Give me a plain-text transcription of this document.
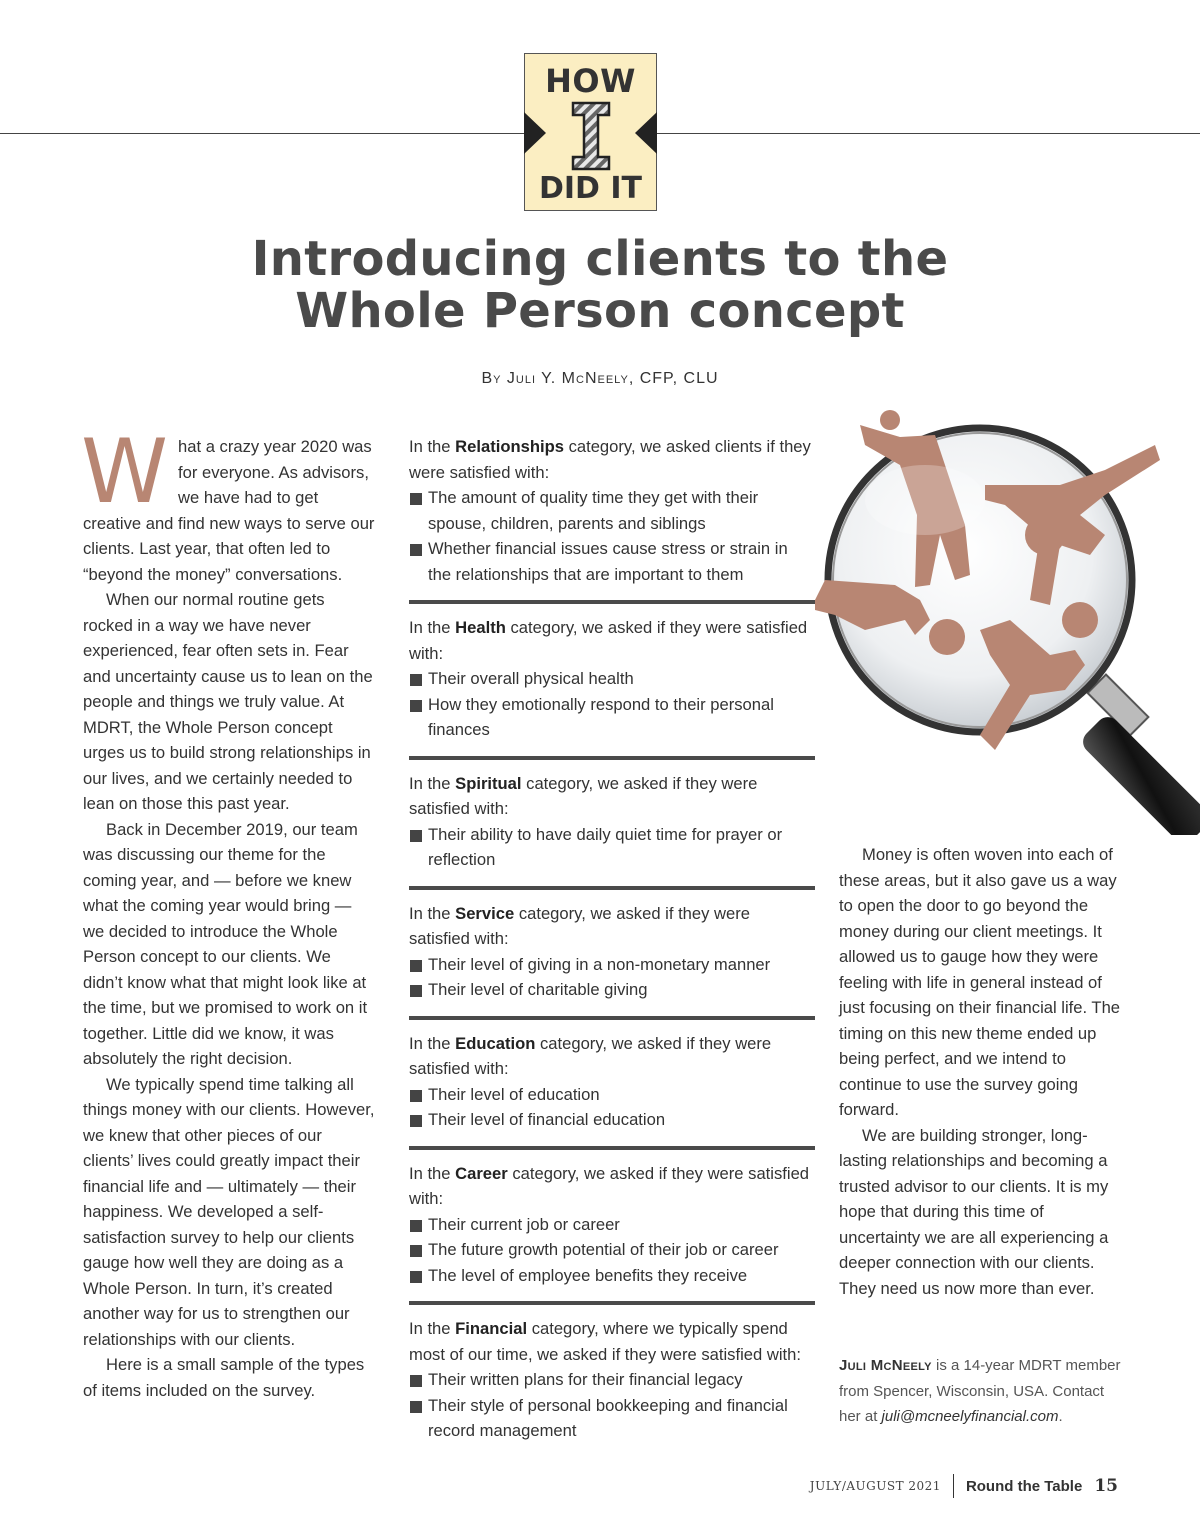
HOW
DID IT
Introducing clients to the
Whole Person concept
By Juli Y. McNeely, CFP, CLU

What a crazy year 2020 was for everyone. As advisors, we have had to get creative and find new ways to serve our clients. Last year, that often led to “beyond the money” conversations.

When our normal routine gets rocked in a way we have never experienced, fear often sets in. Fear and uncertainty cause us to lean on the people and things we truly value. At MDRT, the Whole Person concept urges us to build strong relationships in our lives, and we certainly needed to lean on those this past year.

Back in December 2019, our team was discussing our theme for the coming year, and — before we knew what the coming year would bring — we decided to introduce the Whole Person concept to our clients. We didn’t know what that might look like at the time, but we promised to work on it together. Little did we know, it was absolutely the right decision.

We typically spend time talking all things money with our clients. However, we knew that other pieces of our clients’ lives could greatly impact their financial life and — ultimately — their happiness. We developed a self-satisfaction survey to help our clients gauge how well they are doing as a Whole Person. In turn, it’s created another way for us to strengthen our relationships with our clients.

Here is a small sample of the types of items included on the survey.

In the Relationships category, we asked clients if they were satisfied with:

The amount of quality time they get with their spouse, children, parents and siblings

Whether financial issues cause stress or strain in the relationships that are important to them

In the Health category, we asked if they were satisfied with:

Their overall physical health

How they emotionally respond to their personal finances

In the Spiritual category, we asked if they were satisfied with:

Their ability to have daily quiet time for prayer or reflection

In the Service category, we asked if they were satisfied with:

Their level of giving in a non-monetary manner

Their level of charitable giving

In the Education category, we asked if they were satisfied with:

Their level of education

Their level of financial education

In the Career category, we asked if they were satisfied with:

Their current job or career

The future growth potential of their job or career

The level of employee benefits they receive

In the Financial category, where we typically spend most of our time, we asked if they were satisfied with:

Their written plans for their financial legacy

Their style of personal bookkeeping and financial record management

Money is often woven into each of these areas, but it also gave us a way to open the door to go beyond the money during our client meetings. It allowed us to gauge how they were feeling with life in general instead of just focusing on their financial life. The timing on this new theme ended up being perfect, and we intend to continue to use the survey going forward.

We are building stronger, long-lasting relationships and becoming a trusted advisor to our clients. It is my hope that during this time of uncertainty we are all experiencing a deeper connection with our clients. They need us now more than ever.

Juli McNeely is a 14-year MDRT member from Spencer, Wisconsin, USA. Contact her at juli@mcneelyfinancial.com.
JULY/AUGUST 2021 Round the Table 15
